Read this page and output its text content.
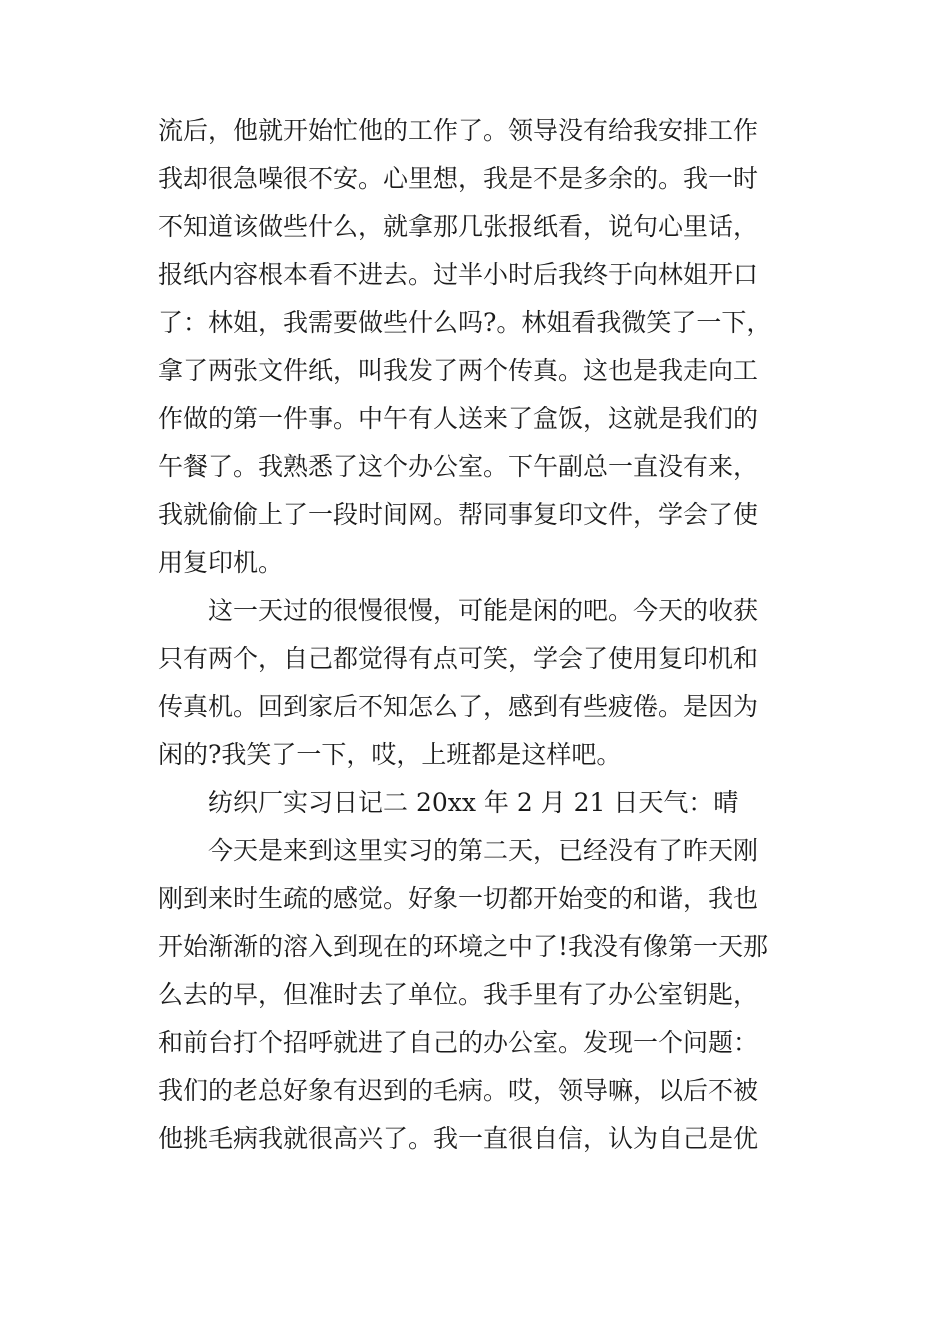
流后，他就开始忙他的工作了。领导没有给我安排工作
我却很急噪很不安。心里想，我是不是多余的。我一时
不知道该做些什么，就拿那几张报纸看，说句心里话，
报纸内容根本看不进去。过半小时后我终于向林姐开口
了：林姐，我需要做些什么吗?。林姐看我微笑了一下，
拿了两张文件纸，叫我发了两个传真。这也是我走向工
作做的第一件事。中午有人送来了盒饭，这就是我们的
午餐了。我熟悉了这个办公室。下午副总一直没有来，
我就偷偷上了一段时间网。帮同事复印文件，学会了使
用复印机。
这一天过的很慢很慢，可能是闲的吧。今天的收获
只有两个，自己都觉得有点可笑，学会了使用复印机和
传真机。回到家后不知怎么了，感到有些疲倦。是因为
闲的?我笑了一下，哎，上班都是这样吧。
纺织厂实习日记二 20xx 年 2 月 21 日天气：晴
今天是来到这里实习的第二天，已经没有了昨天刚
刚到来时生疏的感觉。好象一切都开始变的和谐，我也
开始渐渐的溶入到现在的环境之中了!我没有像第一天那
么去的早，但准时去了单位。我手里有了办公室钥匙，
和前台打个招呼就进了自己的办公室。发现一个问题：
我们的老总好象有迟到的毛病。哎，领导嘛，以后不被
他挑毛病我就很高兴了。我一直很自信，认为自己是优
